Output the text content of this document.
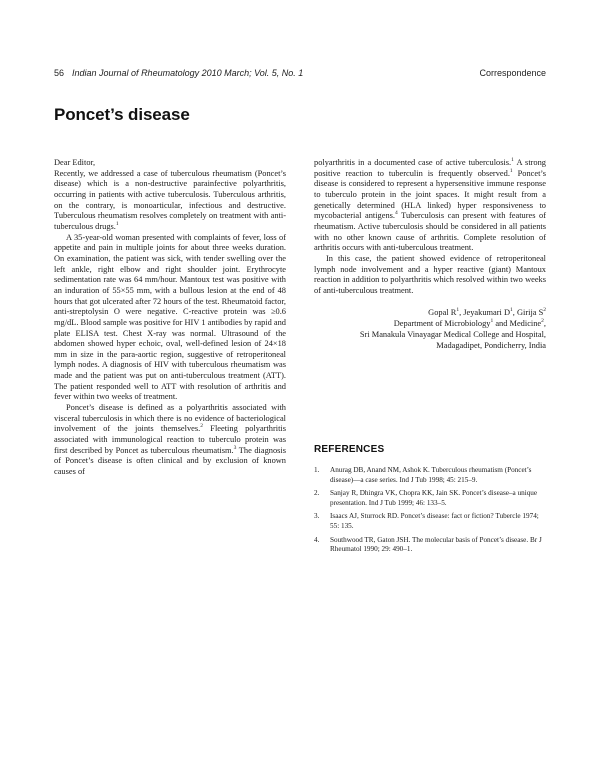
56 Indian Journal of Rheumatology 2010 March; Vol. 5, No. 1	Correspondence
Poncet’s disease

Dear Editor,

Recently, we addressed a case of tuberculous rheumatism (Poncet’s disease) which is a non-destructive parainfective polyarthritis, occurring in patients with active tuberculosis. Tuberculous arthritis, on the contrary, is monoarticular, infectious and destructive. Tuberculous rheumatism resolves completely on treatment with anti-tuberculous drugs.$^1$

A 35-year-old woman presented with complaints of fever, loss of appetite and pain in multiple joints for about three weeks duration. On examination, the patient was sick, with tender swelling over the left ankle, right elbow and right shoulder joint. Erythrocyte sedimentation rate was 64 mm/hour. Mantoux test was positive with an induration of 55×55 mm, with a bullous lesion at the end of 48 hours that got ulcerated after 72 hours of the test. Rheumatoid factor, anti-streptolysin O were negative. C-reactive protein was ≥0.6 mg/dL. Blood sample was positive for HIV 1 antibodies by rapid and plate ELISA test. Chest X-ray was normal. Ultrasound of the abdomen showed hyper echoic, oval, well-defined lesion of 24×18 mm in size in the para-aortic region, suggestive of retroperitoneal lymph nodes. A diagnosis of HIV with tuberculous rheumatism was made and the patient was put on anti-tuberculous treatment (ATT). The patient responded well to ATT with resolution of arthritis and fever within two weeks of treatment.

Poncet’s disease is defined as a polyarthritis associated with visceral tuberculosis in which there is no evidence of bacteriological involvement of the joints themselves.$^2$ Fleeting polyarthritis associated with immunological reaction to tuberculo protein was first described by Poncet as tuberculous rheumatism.$^3$ The diagnosis of Poncet’s disease is often clinical and by exclusion of known causes of

polyarthritis in a documented case of active tuberculosis.$^1$ A strong positive reaction to tuberculin is frequently observed.$^1$ Poncet’s disease is considered to represent a hypersensitive immune response to tuberculo protein in the joint spaces. It might result from a genetically determined (HLA linked) hyper responsiveness to mycobacterial antigens.$^4$ Tuberculosis can present with features of rheumatism. Active tuberculosis should be considered in all patients with no other known cause of arthritis. Complete resolution of arthritis occurs with anti-tuberculous treatment.

In this case, the patient showed evidence of retroperitoneal lymph node involvement and a hyper reactive (giant) Mantoux reaction in addition to polyarthritis which resolved within two weeks of anti-tuberculous treatment.

Gopal $R^1$, Jeyakumari $D^1$, Girija $S^2$
Department of Microbiology$^1$ and Medicine$^2$,
Sri Manakula Vinayagar Medical College and Hospital,
Madagadipet, Pondicherry, India
REFERENCES
1. Anurag DB, Anand NM, Ashok K. Tuberculous rheumatism (Poncet’s disease)—a case series. Ind J Tub 1998; 45: 215–9.
2. Sanjay R, Dhingra VK, Chopra KK, Jain SK. Poncet’s disease–a unique presentation. Ind J Tub 1999; 46: 133–5.
3. Isaacs AJ, Sturrock RD. Poncet’s disease: fact or fiction? Tubercle 1974; 55: 135.
4. Southwood TR, Gaton JSH. The molecular basis of Poncet’s disease. Br J Rheumatol 1990; 29: 490–1.
